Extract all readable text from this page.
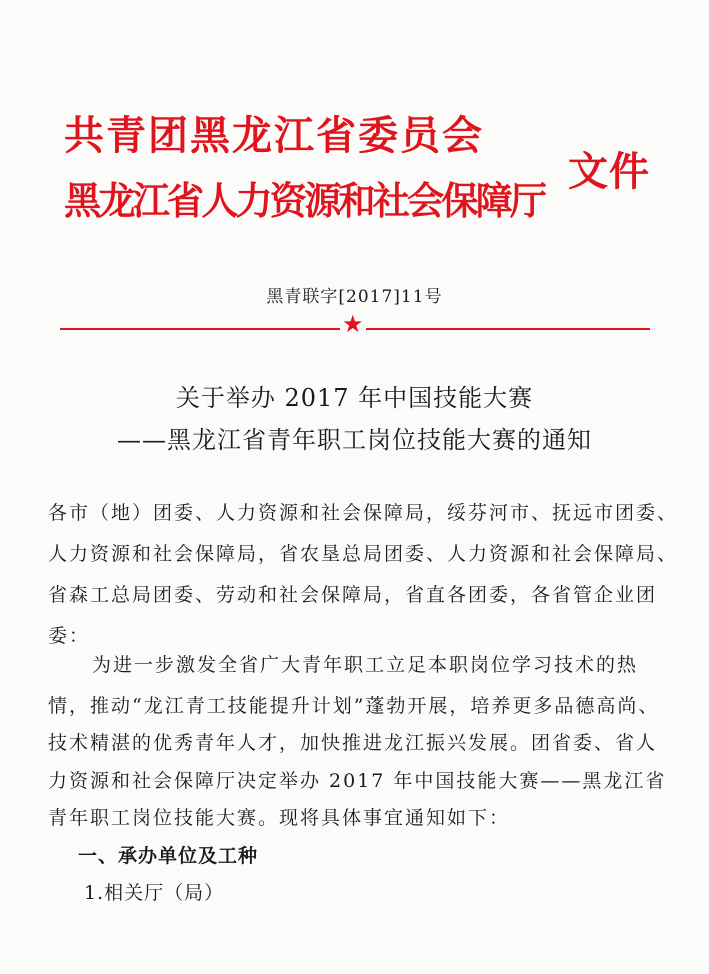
共青团黑龙江省委员会
黑龙江省人力资源和社会保障厅
文件
黑青联字[2017]11号
★
关于举办 2017 年中国技能大赛
——黑龙江省青年职工岗位技能大赛的通知
各市（地）团委、人力资源和社会保障局，绥芬河市、抚远市团委、
人力资源和社会保障局，省农垦总局团委、人力资源和社会保障局、
省森工总局团委、劳动和社会保障局，省直各团委，各省管企业团
委：
为进一步激发全省广大青年职工立足本职岗位学习技术的热
情，推动“龙江青工技能提升计划”蓬勃开展，培养更多品德高尚、
技术精湛的优秀青年人才，加快推进龙江振兴发展。团省委、省人
力资源和社会保障厅决定举办 2017 年中国技能大赛——黑龙江省
青年职工岗位技能大赛。现将具体事宜通知如下：
一、承办单位及工种
1.相关厅（局）
